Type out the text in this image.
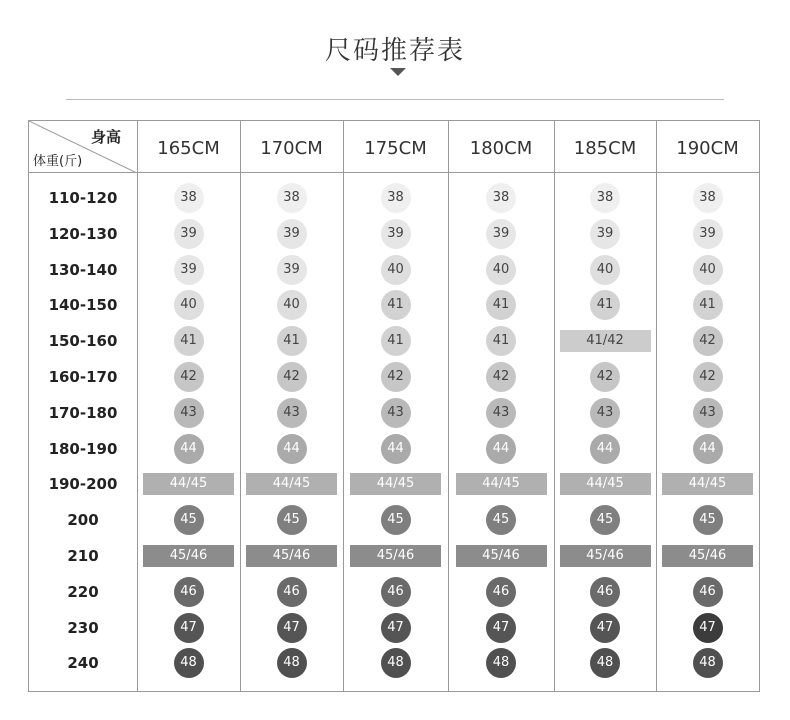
尺码推荐表
身高
体重(斤)
165CM	170CM	175CM	180CM	185CM	190CM
110-120	38	38	38	38	38	38
120-130	39	39	39	39	39	39
130-140	39	39	40	40	40	40
140-150	40	40	41	41	41	41
150-160	41	41	41	41	41/42	42
160-170	42	42	42	42	42	42
170-180	43	43	43	43	43	43
180-190	44	44	44	44	44	44
190-200	44/45	44/45	44/45	44/45	44/45	44/45
200	45	45	45	45	45	45
210	45/46	45/46	45/46	45/46	45/46	45/46
220	46	46	46	46	46	46
230	47	47	47	47	47	47
240	48	48	48	48	48	48
